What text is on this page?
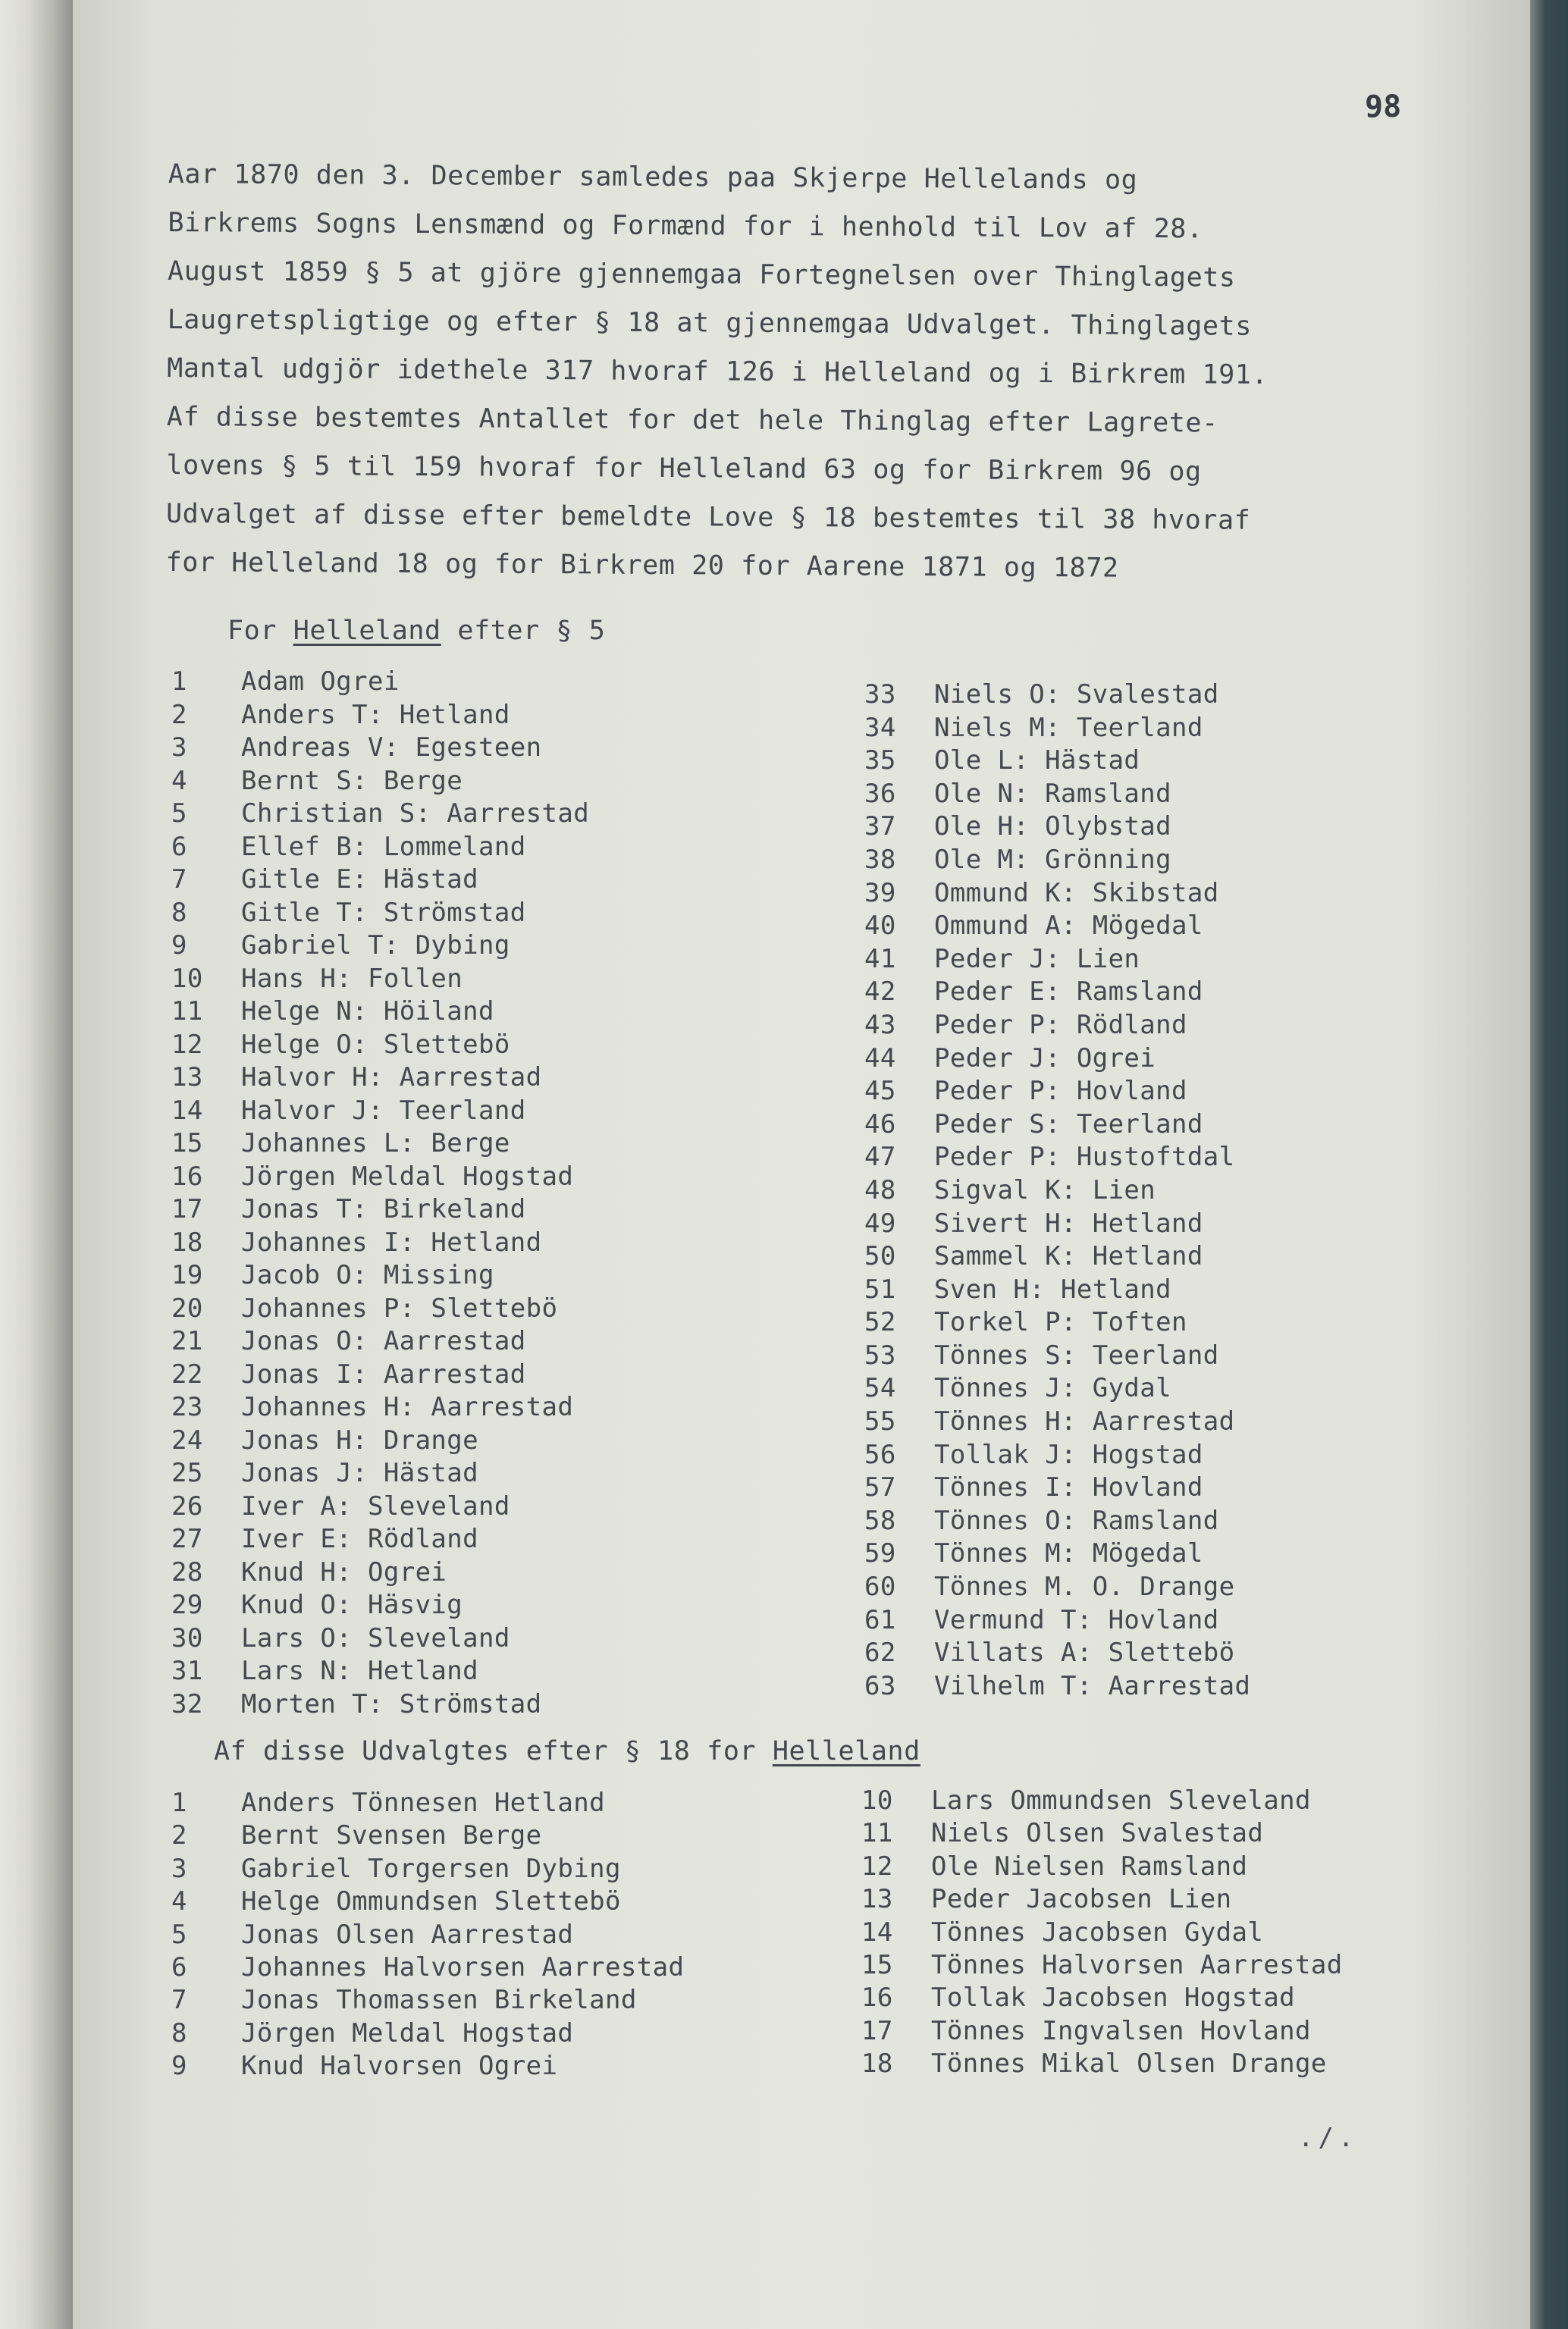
98
Aar 1870 den 3. December samledes paa Skjerpe Hellelands og
Birkrems Sogns Lensmænd og Formænd for i henhold til Lov af 28.
August 1859 § 5 at gjöre gjennemgaa Fortegnelsen over Thinglagets
Laugretspligtige og efter § 18 at gjennemgaa Udvalget. Thinglagets
Mantal udgjör idethele 317 hvoraf 126 i Helleland og i Birkrem 191.
Af disse bestemtes Antallet for det hele Thinglag efter Lagrete-
lovens § 5 til 159 hvoraf for Helleland 63 og for Birkrem 96 og
Udvalget af disse efter bemeldte Love § 18 bestemtes til 38 hvoraf
for Helleland 18 og for Birkrem 20 for Aarene 1871 og 1872
For Helleland efter § 5
1	Adam Ogrei
2	Anders T: Hetland
3	Andreas V: Egesteen
4	Bernt S: Berge
5	Christian S: Aarrestad
6	Ellef B: Lommeland
7	Gitle E: Hästad
8	Gitle T: Strömstad
9	Gabriel T: Dybing
10	Hans H: Follen
11	Helge N: Höiland
12	Helge O: Slettebö
13	Halvor H: Aarrestad
14	Halvor J: Teerland
15	Johannes L: Berge
16	Jörgen Meldal Hogstad
17	Jonas T: Birkeland
18	Johannes I: Hetland
19	Jacob O: Missing
20	Johannes P: Slettebö
21	Jonas O: Aarrestad
22	Jonas I: Aarrestad
23	Johannes H: Aarrestad
24	Jonas H: Drange
25	Jonas J: Hästad
26	Iver A: Sleveland
27	Iver E: Rödland
28	Knud H: Ogrei
29	Knud O: Häsvig
30	Lars O: Sleveland
31	Lars N: Hetland
32	Morten T: Strömstad
33	Niels O: Svalestad
34	Niels M: Teerland
35	Ole L: Hästad
36	Ole N: Ramsland
37	Ole H: Olybstad
38	Ole M: Grönning
39	Ommund K: Skibstad
40	Ommund A: Mögedal
41	Peder J: Lien
42	Peder E: Ramsland
43	Peder P: Rödland
44	Peder J: Ogrei
45	Peder P: Hovland
46	Peder S: Teerland
47	Peder P: Hustoftdal
48	Sigval K: Lien
49	Sivert H: Hetland
50	Sammel K: Hetland
51	Sven H: Hetland
52	Torkel P: Toften
53	Tönnes S: Teerland
54	Tönnes J: Gydal
55	Tönnes H: Aarrestad
56	Tollak J: Hogstad
57	Tönnes I: Hovland
58	Tönnes O: Ramsland
59	Tönnes M: Mögedal
60	Tönnes M. O. Drange
61	Vermund T: Hovland
62	Villats A: Slettebö
63	Vilhelm T: Aarrestad
Af disse Udvalgtes efter § 18 for Helleland
1	Anders Tönnesen Hetland
2	Bernt Svensen Berge
3	Gabriel Torgersen Dybing
4	Helge Ommundsen Slettebö
5	Jonas Olsen Aarrestad
6	Johannes Halvorsen Aarrestad
7	Jonas Thomassen Birkeland
8	Jörgen Meldal Hogstad
9	Knud Halvorsen Ogrei
10	Lars Ommundsen Sleveland
11	Niels Olsen Svalestad
12	Ole Nielsen Ramsland
13	Peder Jacobsen Lien
14	Tönnes Jacobsen Gydal
15	Tönnes Halvorsen Aarrestad
16	Tollak Jacobsen Hogstad
17	Tönnes Ingvalsen Hovland
18	Tönnes Mikal Olsen Drange
./.
